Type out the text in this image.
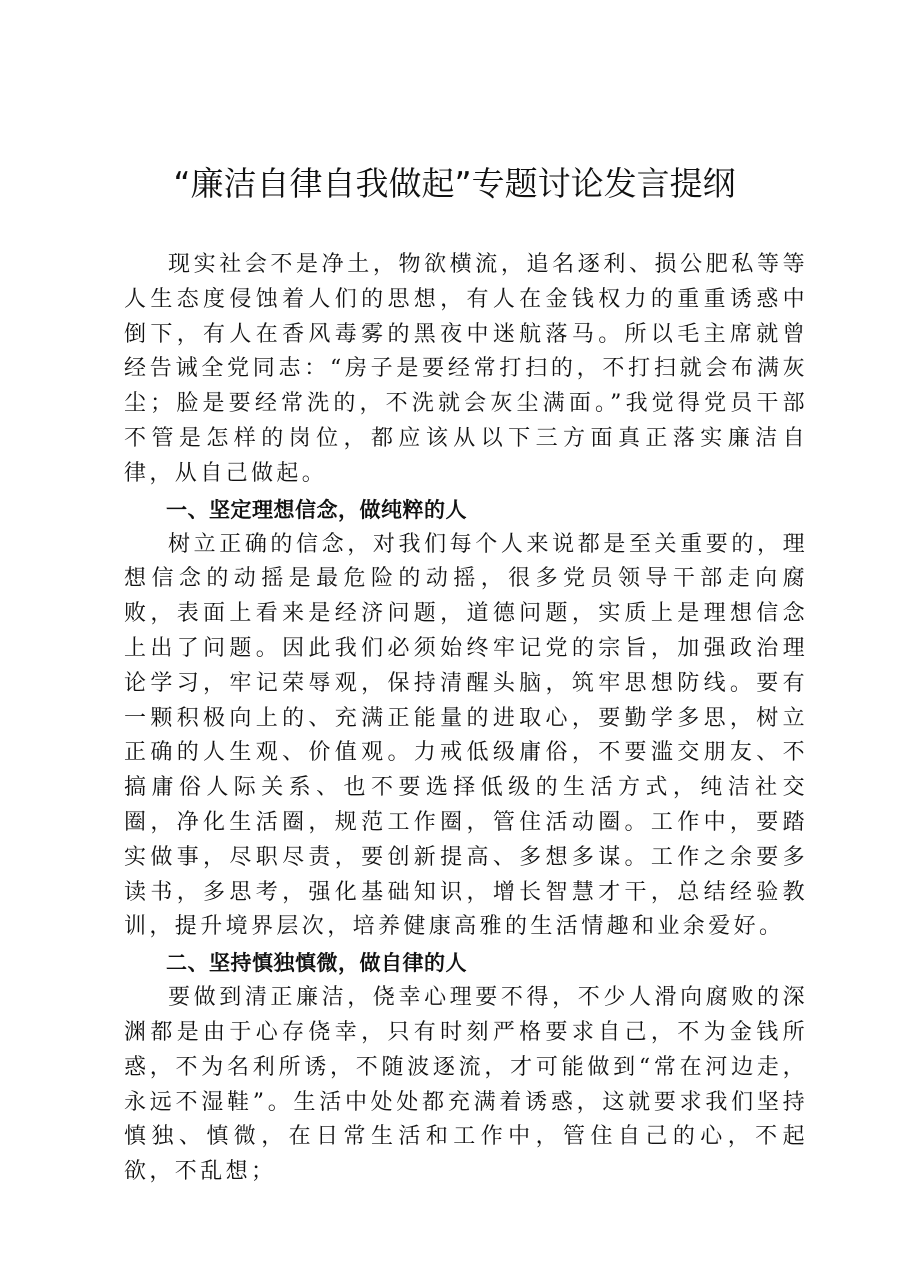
“廉洁自律自我做起”专题讨论发言提纲

现实社会不是净土，物欲横流，追名逐利、损公肥私等等人生态度侵蚀着人们的思想，有人在金钱权力的重重诱惑中倒下，有人在香风毒雾的黑夜中迷航落马。所以毛主席就曾经告诫全党同志：“房子是要经常打扫的，不打扫就会布满灰尘；脸是要经常洗的，不洗就会灰尘满面。”我觉得党员干部不管是怎样的岗位，都应该从以下三方面真正落实廉洁自律，从自己做起。

一、坚定理想信念，做纯粹的人

树立正确的信念，对我们每个人来说都是至关重要的，理想信念的动摇是最危险的动摇，很多党员领导干部走向腐败，表面上看来是经济问题，道德问题，实质上是理想信念上出了问题。因此我们必须始终牢记党的宗旨，加强政治理论学习，牢记荣辱观，保持清醒头脑，筑牢思想防线。要有一颗积极向上的、充满正能量的进取心，要勤学多思，树立正确的人生观、价值观。力戒低级庸俗，不要滥交朋友、不搞庸俗人际关系、也不要选择低级的生活方式，纯洁社交圈，净化生活圈，规范工作圈，管住活动圈。工作中，要踏实做事，尽职尽责，要创新提高、多想多谋。工作之余要多读书，多思考，强化基础知识，增长智慧才干，总结经验教训，提升境界层次，培养健康高雅的生活情趣和业余爱好。

二、坚持慎独慎微，做自律的人

要做到清正廉洁，侥幸心理要不得，不少人滑向腐败的深渊都是由于心存侥幸，只有时刻严格要求自己，不为金钱所惑，不为名利所诱，不随波逐流，才可能做到“常在河边走，永远不湿鞋”。生活中处处都充满着诱惑，这就要求我们坚持慎独、慎微，在日常生活和工作中，管住自己的心，不起欲，不乱想；
